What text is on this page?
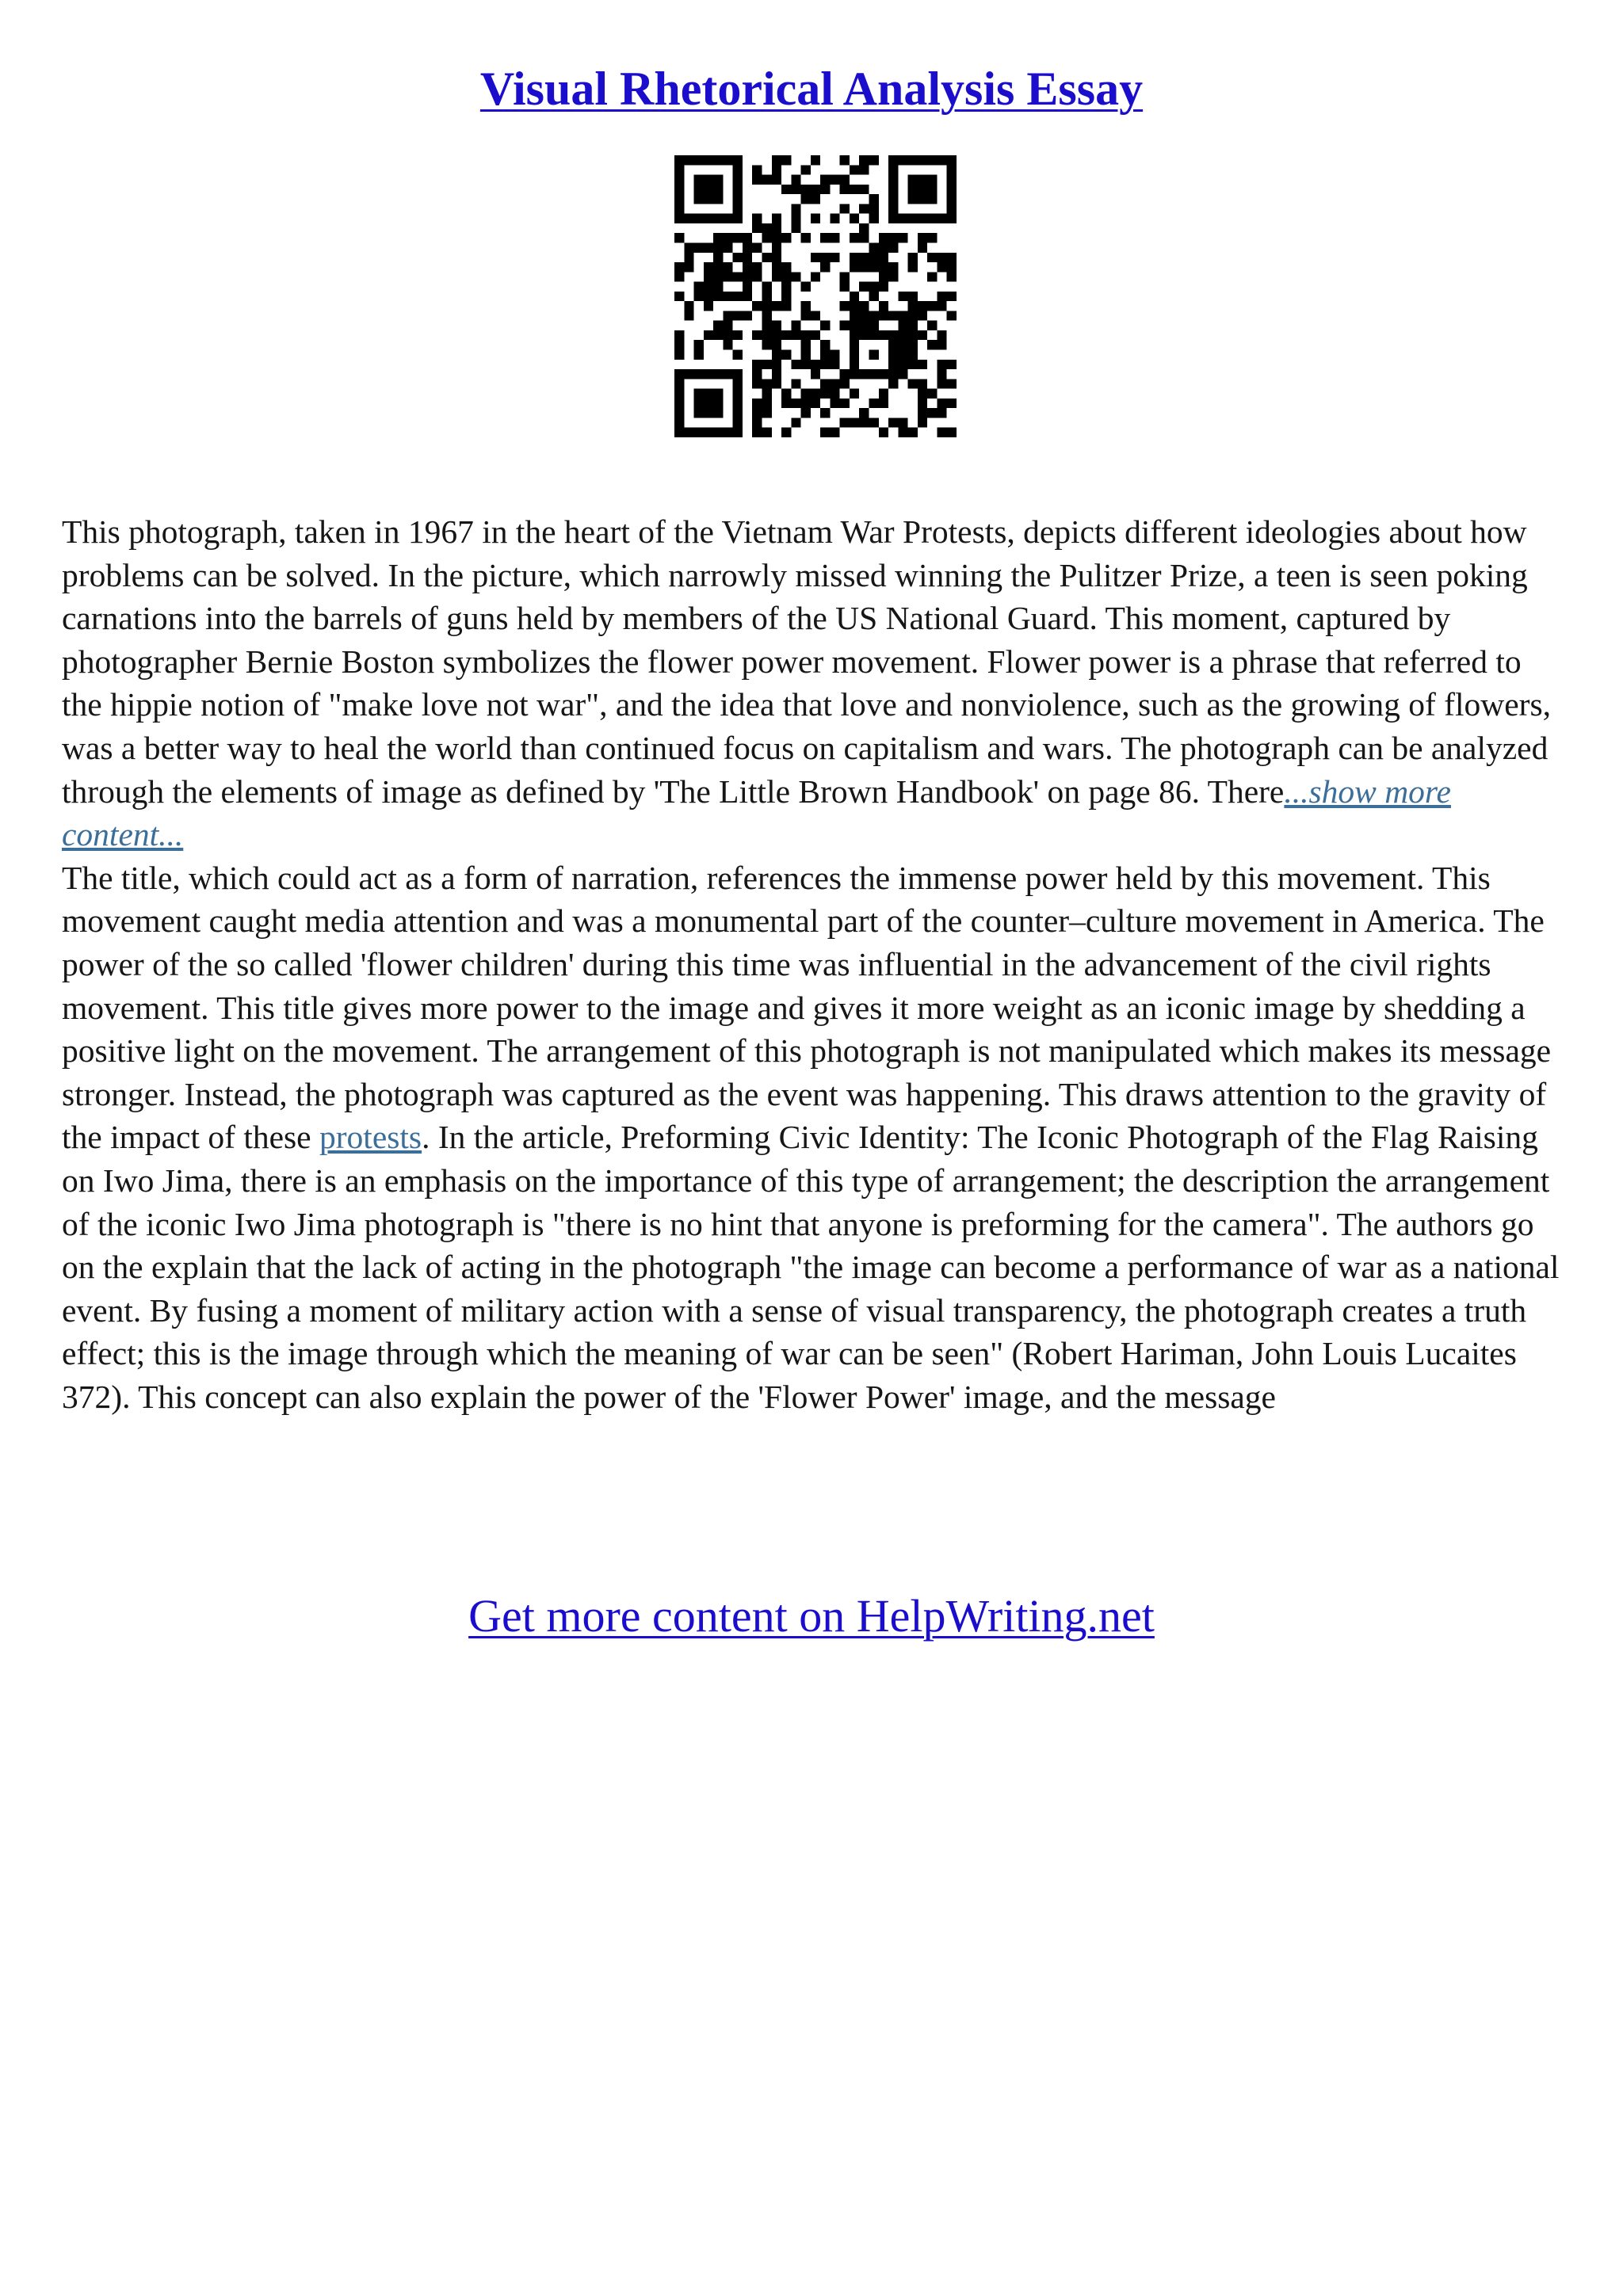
Visual Rhetorical Analysis Essay

This photograph, taken in 1967 in the heart of the Vietnam War Protests, depicts different ideologies about how problems can be solved. In the picture, which narrowly missed winning the Pulitzer Prize, a teen is seen poking carnations into the barrels of guns held by members of the US National Guard. This moment, captured by photographer Bernie Boston symbolizes the flower power movement. Flower power is a phrase that referred to the hippie notion of "make love not war", and the idea that love and nonviolence, such as the growing of flowers, was a better way to heal the world than continued focus on capitalism and wars. The photograph can be analyzed through the elements of image as defined by 'The Little Brown Handbook' on page 86. There...show more content...

The title, which could act as a form of narration, references the immense power held by this movement. This movement caught media attention and was a monumental part of the counter–culture movement in America. The power of the so called 'flower children' during this time was influential in the advancement of the civil rights movement. This title gives more power to the image and gives it more weight as an iconic image by shedding a positive light on the movement. The arrangement of this photograph is not manipulated which makes its message stronger. Instead, the photograph was captured as the event was happening. This draws attention to the gravity of the impact of these protests. In the article, Preforming Civic Identity: The Iconic Photograph of the Flag Raising on Iwo Jima, there is an emphasis on the importance of this type of arrangement; the description the arrangement of the iconic Iwo Jima photograph is "there is no hint that anyone is preforming for the camera". The authors go on the explain that the lack of acting in the photograph "the image can become a performance of war as a national event. By fusing a moment of military action with a sense of visual transparency, the photograph creates a truth effect; this is the image through which the meaning of war can be seen" (Robert Hariman, John Louis Lucaites 372). This concept can also explain the power of the 'Flower Power' image, and the message

Get more content on HelpWriting.net
